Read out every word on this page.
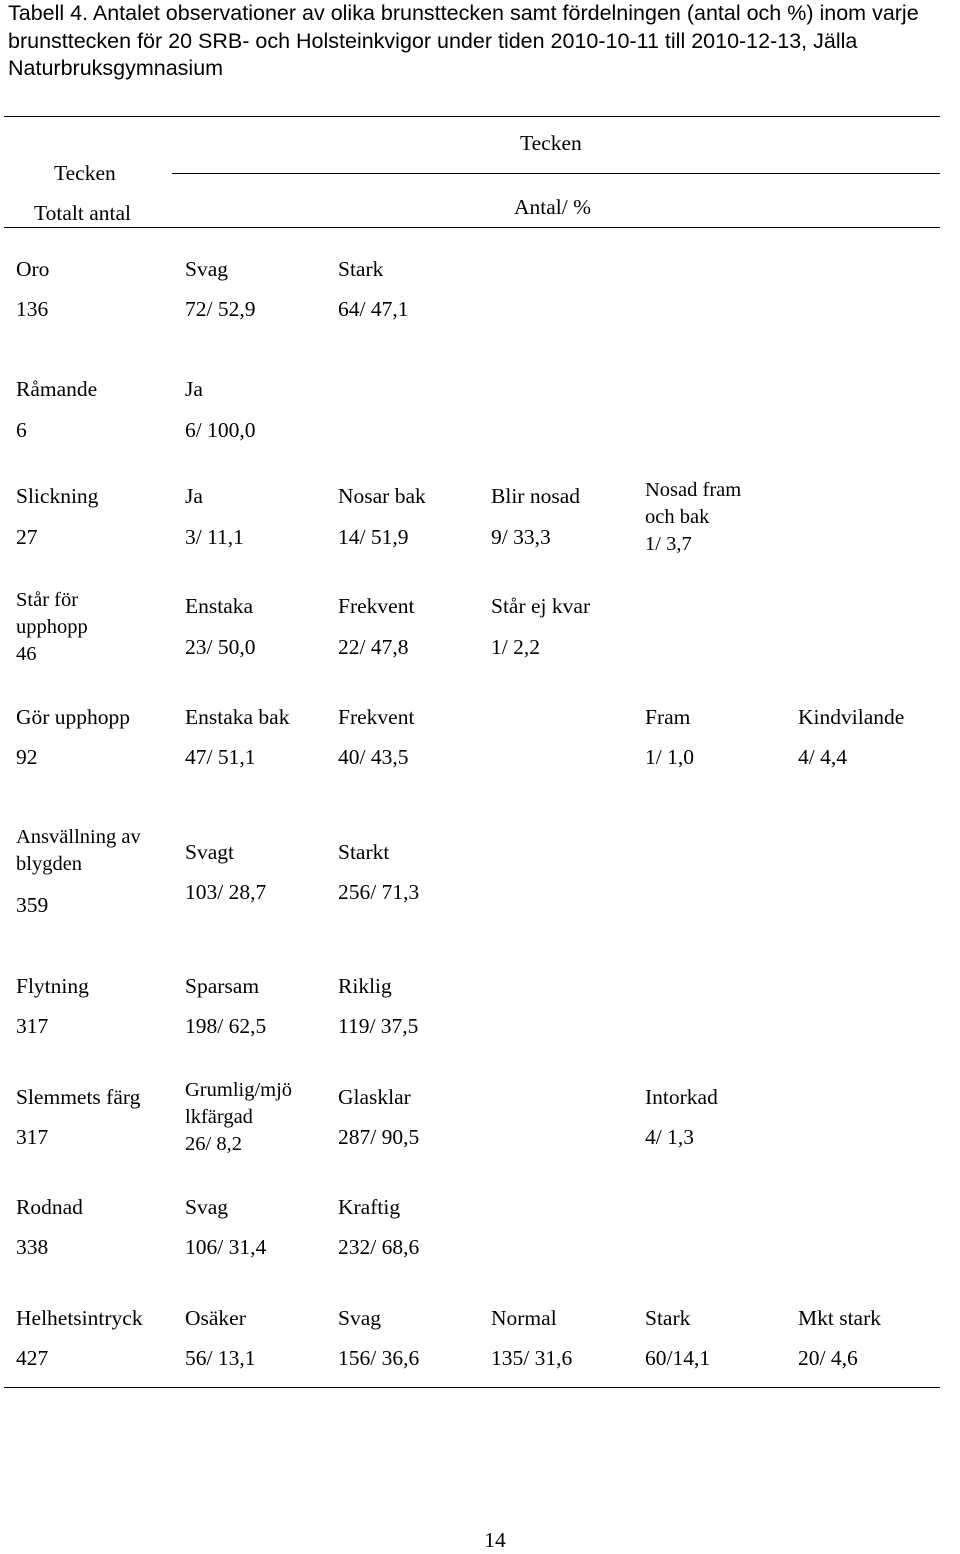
Tabell 4. Antalet observationer av olika brunsttecken samt fördelningen (antal och %) inom varje brunsttecken för 20 SRB- och Holsteinkvigor under tiden 2010-10-11 till 2010-12-13, Jälla Naturbruksgymnasium

Tecken

Totalt antal

Tecken

Antal/ %

Oro

136

Svag

72/ 52,9

Stark

64/ 47,1

Råmande

6

Ja

6/ 100,0

Slickning

27

Ja

3/ 11,1

Nosar bak

14/ 51,9

Blir nosad

9/ 33,3

Nosad fram

och bak

1/ 3,7

Står för

upphopp

46

Enstaka

23/ 50,0

Frekvent

22/ 47,8

Står ej kvar

1/ 2,2

Gör upphopp

92

Enstaka bak

47/ 51,1

Frekvent

40/ 43,5

Fram

1/ 1,0

Kindvilande

4/ 4,4

Ansvällning av

blygden

359

Svagt

103/ 28,7

Starkt

256/ 71,3

Flytning

317

Sparsam

198/ 62,5

Riklig

119/ 37,5

Slemmets färg

317

Grumlig/mjö

lkfärgad

26/ 8,2

Glasklar

287/ 90,5

Intorkad

4/ 1,3

Rodnad

338

Svag

106/ 31,4

Kraftig

232/ 68,6

Helhetsintryck

427

Osäker

56/ 13,1

Svag

156/ 36,6

Normal

135/ 31,6

Stark

60/14,1

Mkt stark

20/ 4,6

14
